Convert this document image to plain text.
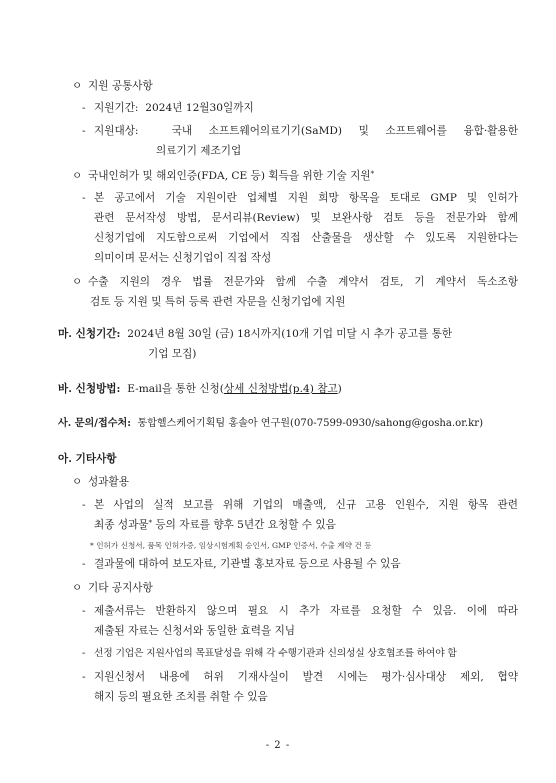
ㅇ 지원 공통사항
- 지원기간: 2024년 12월30일까지
- 지원대상:	국내 소프트웨어의료기기(SaMD) 및 소프트웨어를 융합·활용한
의료기기 제조기업
ㅇ 국내인허가 및 해외인증(FDA, CE 등) 획득을 위한 기술 지원*
- 본 공고에서 기술 지원이란 업체별 지원 희망 항목을 토대로 GMP 및 인허가
관련 문서작성 방법, 문서리뷰(Review) 및 보완사항 검토 등을 전문가와 함께
신청기업에 지도함으로써 기업에서 직접 산출물을 생산할 수 있도록 지원한다는
의미이며 문서는 신청기업이 직접 작성
ㅇ 수출 지원의 경우 법률 전문가와 함께 수출 계약서 검토, 기 계약서 독소조항
검토 등 지원 및 특허 등록 관련 자문을 신청기업에 지원
마. 신청기간: 2024년 8월 30일 (금) 18시까지(10개 기업 미달 시 추가 공고를 통한
기업 모집)
바. 신청방법: E-mail을 통한 신청(상세 신청방법(p.4) 참고)
사. 문의/접수처: 통합헬스케어기획팀 홍솔아 연구원(070-7599-0930/sahong@gosha.or.kr)
아. 기타사항
ㅇ 성과활용
- 본 사업의 실적 보고를 위해 기업의 매출액, 신규 고용 인원수, 지원 항목 관련
최종 성과물* 등의 자료를 향후 5년간 요청할 수 있음
* 인허가 신청서, 품목 인허가증, 임상시험계획 승인서, GMP 인증서, 수출 계약 건 등
- 결과물에 대하여 보도자료, 기관별 홍보자료 등으로 사용될 수 있음
ㅇ 기타 공지사항
- 제출서류는 반환하지 않으며 필요 시 추가 자료를 요청할 수 있음. 이에 따라
제출된 자료는 신청서와 동일한 효력을 지님
- 선정 기업은 지원사업의 목표달성을 위해 각 수행기관과 신의성실 상호협조를 하여야 함
- 지원신청서 내용에 허위 기재사실이 발견 시에는 평가·심사대상 제외, 협약
해지 등의 필요한 조치를 취할 수 있음
- 2 -
